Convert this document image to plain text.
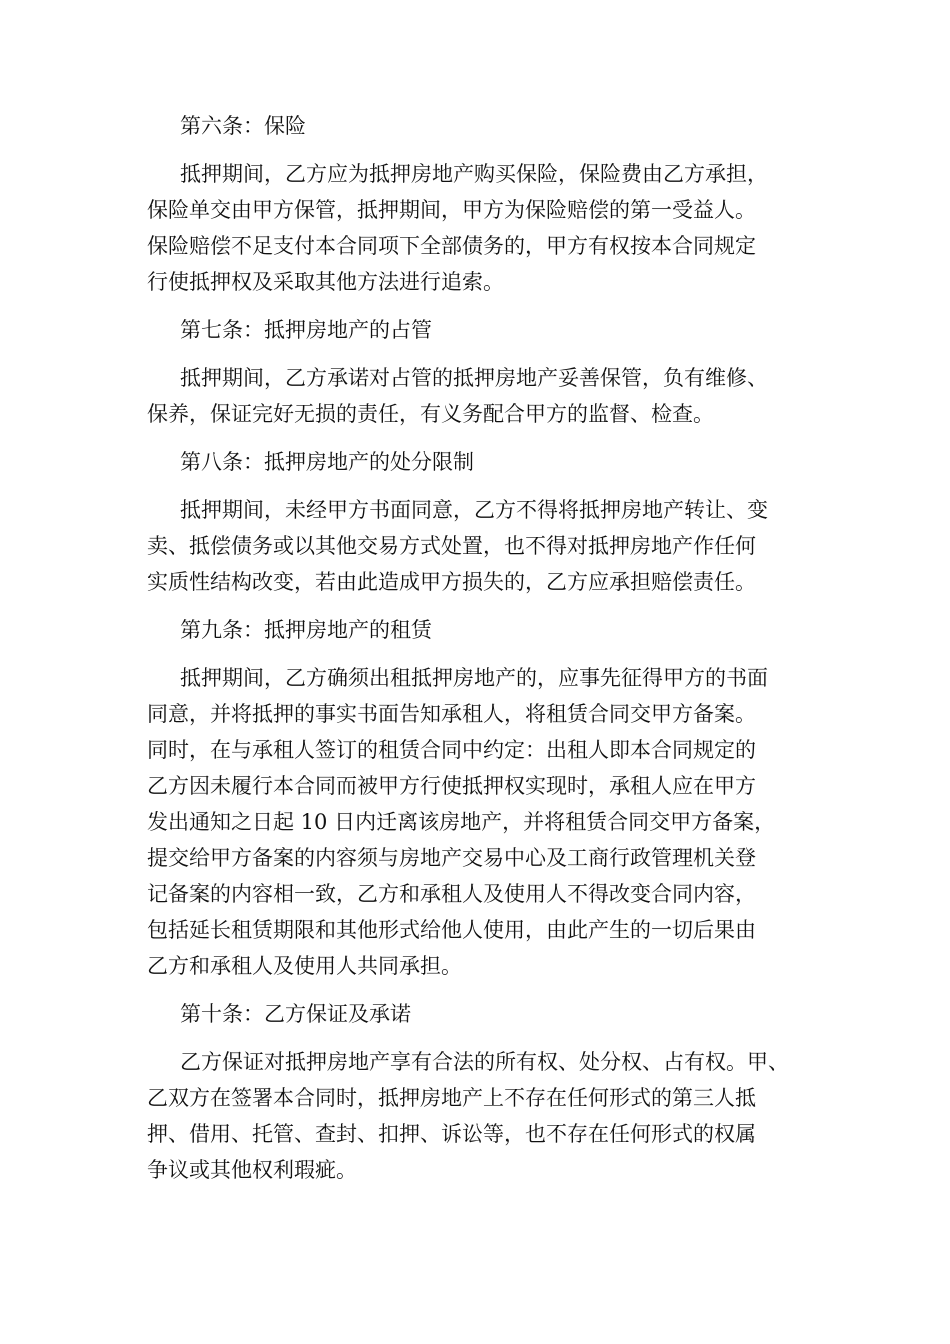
第六条：保险

抵押期间，乙方应为抵押房地产购买保险，保险费由乙方承担，
保险单交由甲方保管，抵押期间，甲方为保险赔偿的第一受益人。
保险赔偿不足支付本合同项下全部债务的，甲方有权按本合同规定
行使抵押权及采取其他方法进行追索。

第七条：抵押房地产的占管

抵押期间，乙方承诺对占管的抵押房地产妥善保管，负有维修、
保养，保证完好无损的责任，有义务配合甲方的监督、检查。

第八条：抵押房地产的处分限制

抵押期间，未经甲方书面同意，乙方不得将抵押房地产转让、变
卖、抵偿债务或以其他交易方式处置，也不得对抵押房地产作任何
实质性结构改变，若由此造成甲方损失的，乙方应承担赔偿责任。

第九条：抵押房地产的租赁

抵押期间，乙方确须出租抵押房地产的，应事先征得甲方的书面
同意，并将抵押的事实书面告知承租人，将租赁合同交甲方备案。
同时，在与承租人签订的租赁合同中约定：出租人即本合同规定的
乙方因未履行本合同而被甲方行使抵押权实现时，承租人应在甲方
发出通知之日起 10 日内迁离该房地产，并将租赁合同交甲方备案，
提交给甲方备案的内容须与房地产交易中心及工商行政管理机关登
记备案的内容相一致，乙方和承租人及使用人不得改变合同内容，
包括延长租赁期限和其他形式给他人使用，由此产生的一切后果由
乙方和承租人及使用人共同承担。

第十条：乙方保证及承诺

乙方保证对抵押房地产享有合法的所有权、处分权、占有权。甲、
乙双方在签署本合同时，抵押房地产上不存在任何形式的第三人抵
押、借用、托管、查封、扣押、诉讼等，也不存在任何形式的权属
争议或其他权利瑕疵。
